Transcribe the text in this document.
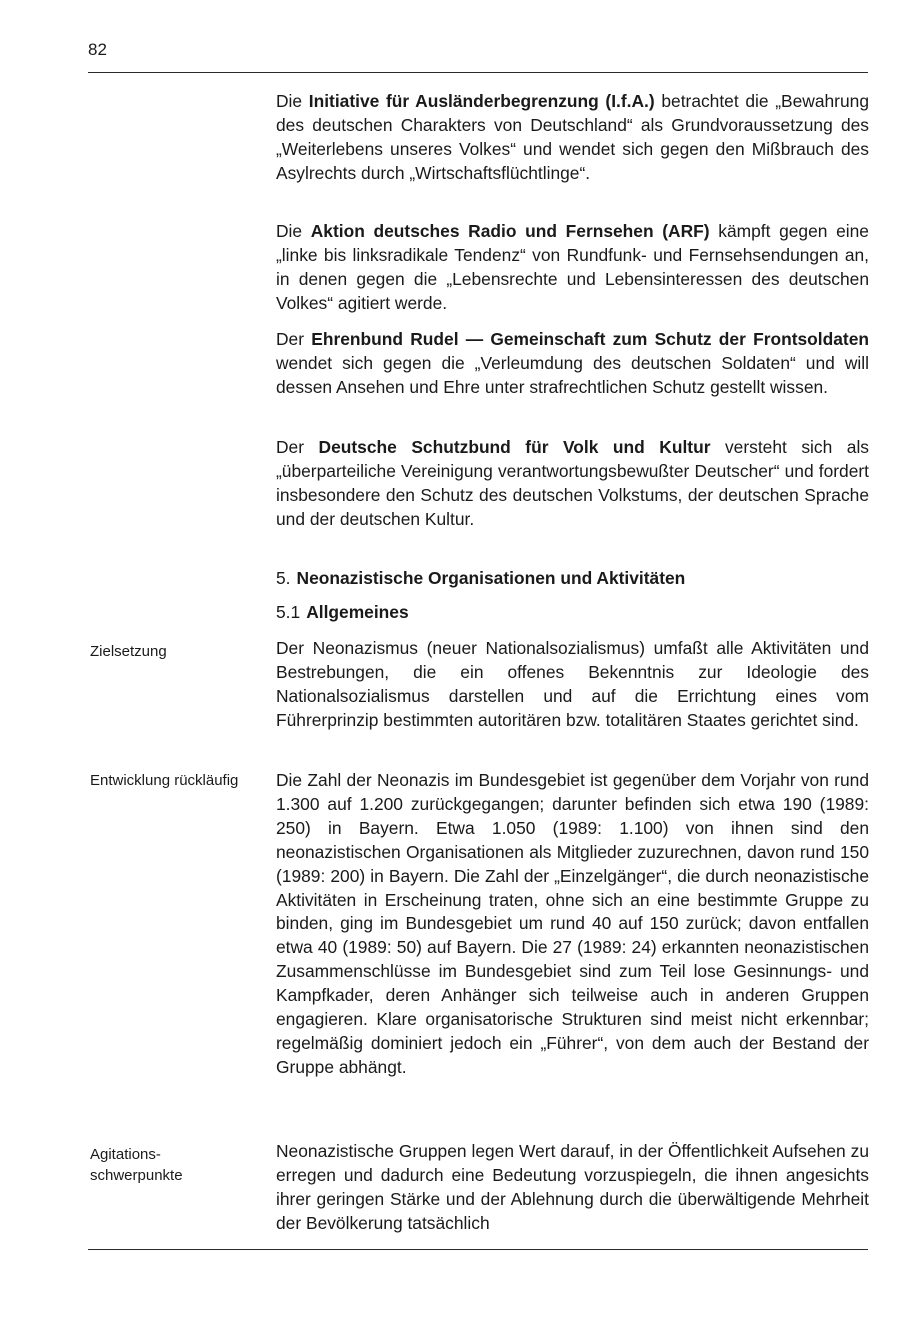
82

Die Initiative für Ausländerbegrenzung (I.f.A.) betrachtet die „Bewahrung des deutschen Charakters von Deutschland“ als Grundvoraussetzung des „Weiterlebens unseres Volkes“ und wendet sich gegen den Mißbrauch des Asylrechts durch „Wirtschaftsflüchtlinge“.

Die Aktion deutsches Radio und Fernsehen (ARF) kämpft gegen eine „linke bis linksradikale Tendenz“ von Rundfunk- und Fernsehsendungen an, in denen gegen die „Lebensrechte und Lebensinteressen des deutschen Volkes“ agitiert werde.

Der Ehrenbund Rudel — Gemeinschaft zum Schutz der Frontsoldaten wendet sich gegen die „Verleumdung des deutschen Soldaten“ und will dessen Ansehen und Ehre unter strafrechtlichen Schutz gestellt wissen.

Der Deutsche Schutzbund für Volk und Kultur versteht sich als „überparteiliche Vereinigung verantwortungsbewußter Deutscher“ und fordert insbesondere den Schutz des deutschen Volkstums, der deutschen Sprache und der deutschen Kultur.

5. Neonazistische Organisationen und Aktivitäten
5.1 Allgemeines
Zielsetzung	Der Neonazismus (neuer Nationalsozialismus) umfaßt alle Aktivitäten und Bestrebungen, die ein offenes Bekenntnis zur Ideologie des Nationalsozialismus darstellen und auf die Errichtung eines vom Führerprinzip bestimmten autoritären bzw. totalitären Staates gerichtet sind.

Entwicklung rückläufig Die Zahl der Neonazis im Bundesgebiet ist gegenüber dem Vorjahr von rund 1.300 auf 1.200 zurückgegangen; darunter befinden sich etwa 190 (1989: 250) in Bayern. Etwa 1.050 (1989: 1.100) von ihnen sind den neonazistischen Organisationen als Mitglieder zuzurechnen, davon rund 150 (1989: 200) in Bayern. Die Zahl der „Einzelgänger“, die durch neonazistische Aktivitäten in Erscheinung traten, ohne sich an eine bestimmte Gruppe zu binden, ging im Bundesgebiet um rund 40 auf 150 zurück; davon entfallen etwa 40 (1989: 50) auf Bayern. Die 27 (1989: 24) erkannten neonazistischen Zusammenschlüsse im Bundesgebiet sind zum Teil lose Gesinnungs- und Kampfkader, deren Anhänger sich teilweise auch in anderen Gruppen engagieren. Klare organisatorische Strukturen sind meist nicht erkennbar; regelmäßig dominiert jedoch ein „Führer“, von dem auch der Bestand der Gruppe abhängt.

Agitations- schwerpunkte

Neonazistische Gruppen legen Wert darauf, in der Öffentlichkeit Aufsehen zu erregen und dadurch eine Bedeutung vorzuspiegeln, die ihnen angesichts ihrer geringen Stärke und der Ablehnung durch die überwältigende Mehrheit der Bevölkerung tatsächlich
